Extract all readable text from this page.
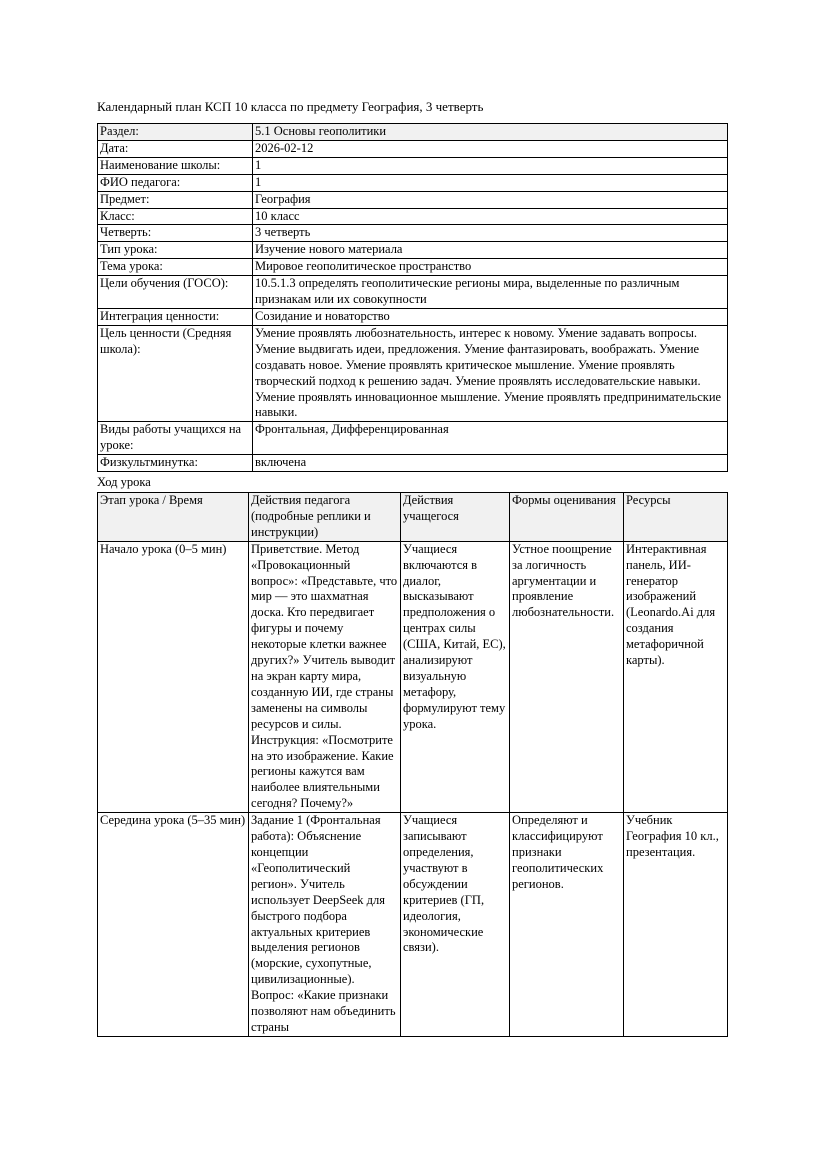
Календарный план КСП 10 класса по предмету География, 3 четверть

Раздел:	5.1 Основы геополитики
Дата:	2026-02-12
Наименование школы:	1
ФИО педагога:	1
Предмет:	География
Класс:	10 класс
Четверть:	3 четверть
Тип урока:	Изучение нового материала
Тема урока:	Мировое геополитическое пространство
Цели обучения (ГОСО):	10.5.1.3 определять геополитические регионы мира, выделенные по различным признакам или их совокупности
Интеграция ценности:	Созидание и новаторство
Цель ценности (Средняя школа):	Умение проявлять любознательность, интерес к новому. Умение задавать вопросы. Умение выдвигать идеи, предложения. Умение фантазировать, воображать. Умение создавать новое. Умение проявлять критическое мышление. Умение проявлять творческий подход к решению задач. Умение проявлять исследовательские навыки. Умение проявлять инновационное мышление. Умение проявлять предпринимательские навыки.
Виды работы учащихся на уроке:	Фронтальная, Дифференцированная
Физкультминутка:	включена

Ход урока

Этап урока / Время	Действия педагога (подробные реплики и инструкции)	Действия учащегося	Формы оценивания	Ресурсы
Начало урока (0–5 мин)	Приветствие. Метод «Провокационный вопрос»: «Представьте, что мир — это шахматная доска. Кто передвигает фигуры и почему некоторые клетки важнее других?» Учитель выводит на экран карту мира, созданную ИИ, где страны заменены на символы ресурсов и силы. Инструкция: «Посмотрите на это изображение. Какие регионы кажутся вам наиболее влиятельными сегодня? Почему?»	Учащиеся включаются в диалог, высказывают предположения о центрах силы (США, Китай, ЕС), анализируют визуальную метафору, формулируют тему урока.	Устное поощрение за логичность аргументации и проявление любознательности.	Интерактивная панель, ИИ-генератор изображений (Leonardo.Ai для создания метафоричной карты).

Середина урока (5–35 мин)	Задание 1 (Фронтальная работа): Объяснение концепции «Геополитический регион». Учитель использует DeepSeek для быстрого подбора актуальных критериев выделения регионов (морские, сухопутные, цивилизационные). Вопрос: «Какие признаки позволяют нам объединить страны	Учащиеся записывают определения, участвуют в обсуждении критериев (ГП, идеология, экономические связи).	Определяют и классифицируют признаки геополитических регионов.	Учебник География 10 кл., презентация.
